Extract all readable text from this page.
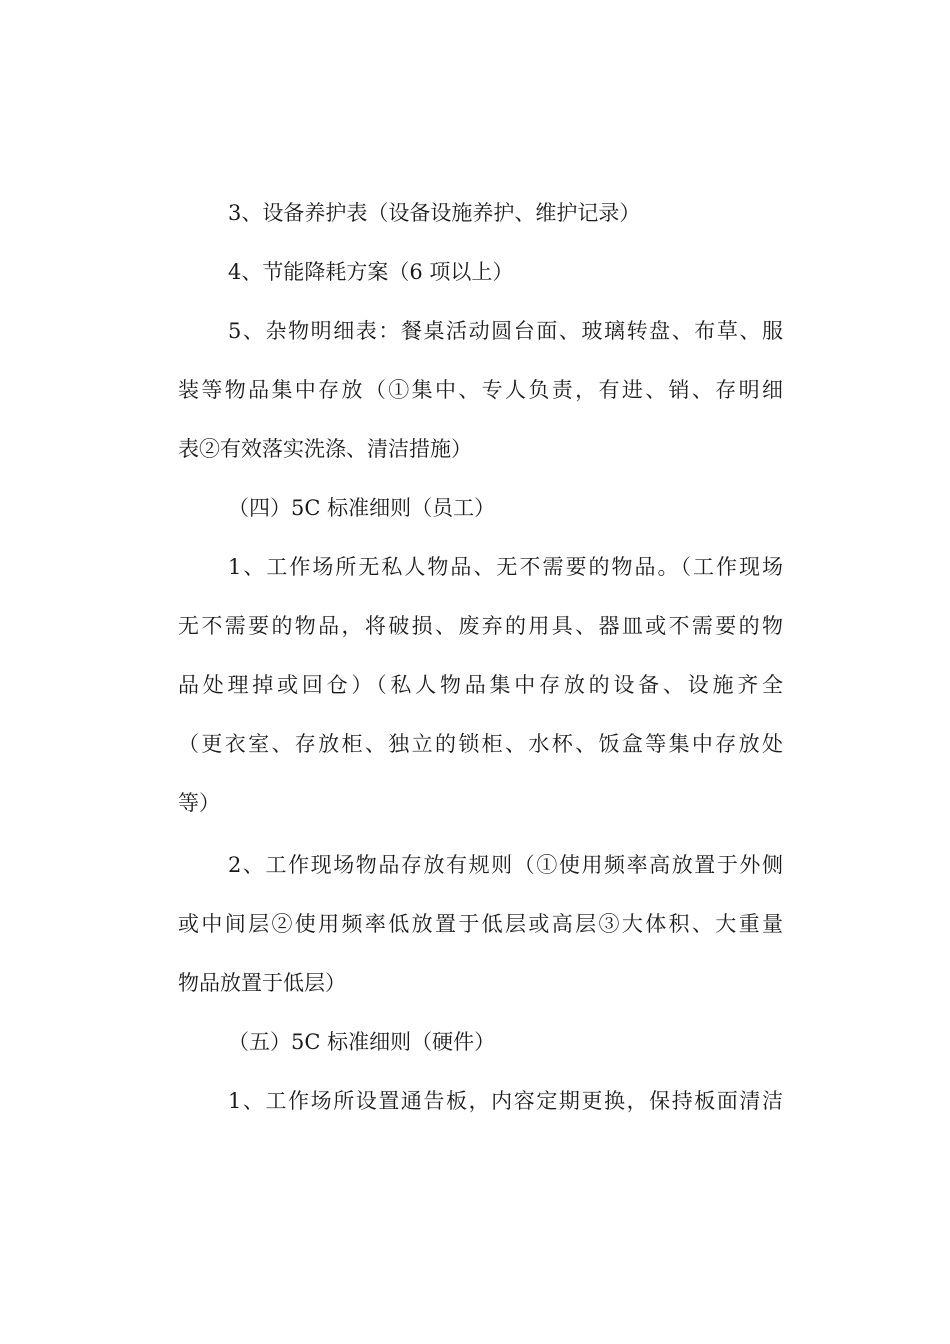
3、设备养护表（设备设施养护、维护记录）
4、节能降耗方案（6 项以上）
5、杂物明细表：餐桌活动圆台面、玻璃转盘、布草、服
装等物品集中存放（①集中、专人负责，有进、销、存明细
表②有效落实洗涤、清洁措施）
（四）5C 标准细则（员工）
1、工作场所无私人物品、无不需要的物品。（工作现场
无不需要的物品，将破损、废弃的用具、器皿或不需要的物
品处理掉或回仓）（私人物品集中存放的设备、设施齐全
（更衣室、存放柜、独立的锁柜、水杯、饭盒等集中存放处
等）
2、工作现场物品存放有规则（①使用频率高放置于外侧
或中间层②使用频率低放置于低层或高层③大体积、大重量
物品放置于低层）
（五）5C 标准细则（硬件）
1、工作场所设置通告板，内容定期更换，保持板面清洁
